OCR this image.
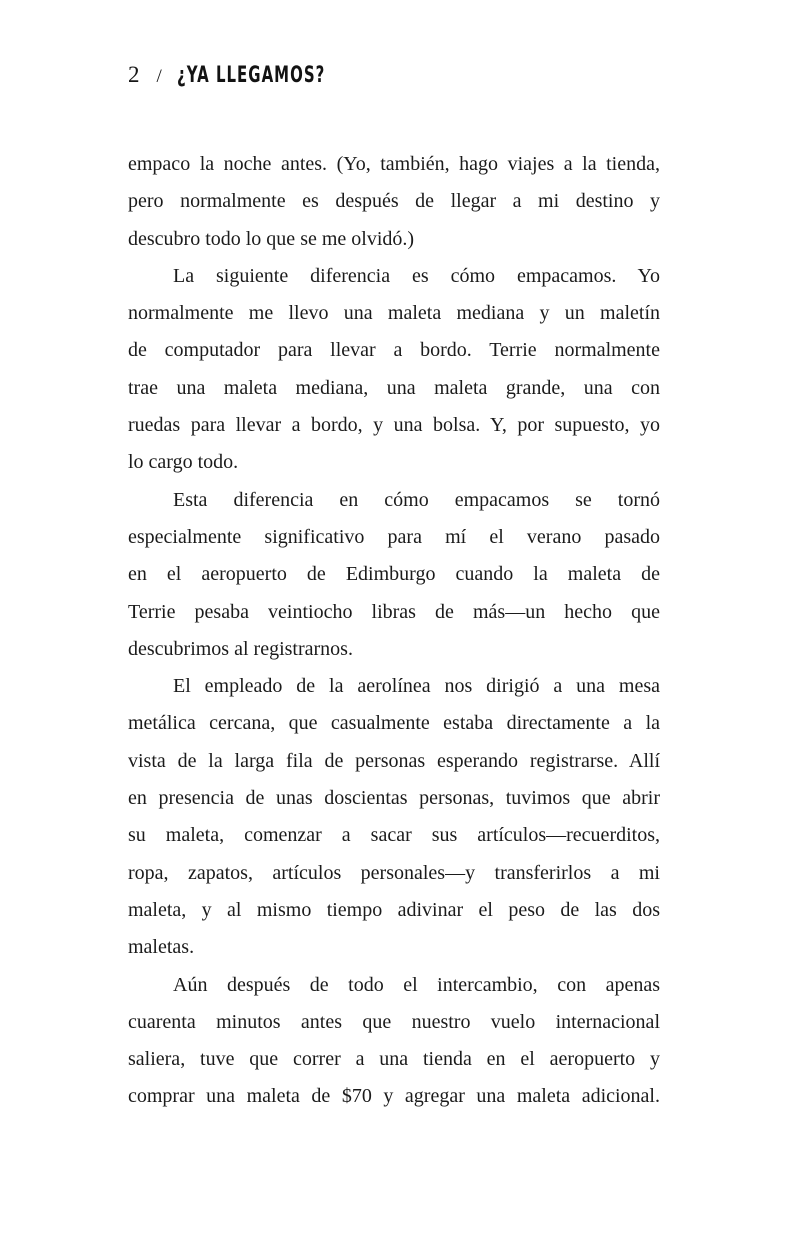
2 / ¿YA LLEGAMOS?
empaco la noche antes. (Yo, también, hago viajes a la tienda,
pero normalmente es después de llegar a mi destino y
descubro todo lo que se me olvidó.)
La siguiente diferencia es cómo empacamos. Yo
normalmente me llevo una maleta mediana y un maletín
de computador para llevar a bordo. Terrie normalmente
trae una maleta mediana, una maleta grande, una con
ruedas para llevar a bordo, y una bolsa. Y, por supuesto, yo
lo cargo todo.
Esta diferencia en cómo empacamos se tornó
especialmente significativo para mí el verano pasado
en el aeropuerto de Edimburgo cuando la maleta de
Terrie pesaba veintiocho libras de más—un hecho que
descubrimos al registrarnos.
El empleado de la aerolínea nos dirigió a una mesa
metálica cercana, que casualmente estaba directamente a la
vista de la larga fila de personas esperando registrarse. Allí
en presencia de unas doscientas personas, tuvimos que abrir
su maleta, comenzar a sacar sus artículos—recuerditos,
ropa, zapatos, artículos personales—y transferirlos a mi
maleta, y al mismo tiempo adivinar el peso de las dos
maletas.
Aún después de todo el intercambio, con apenas
cuarenta minutos antes que nuestro vuelo internacional
saliera, tuve que correr a una tienda en el aeropuerto y
comprar una maleta de $70 y agregar una maleta adicional.
